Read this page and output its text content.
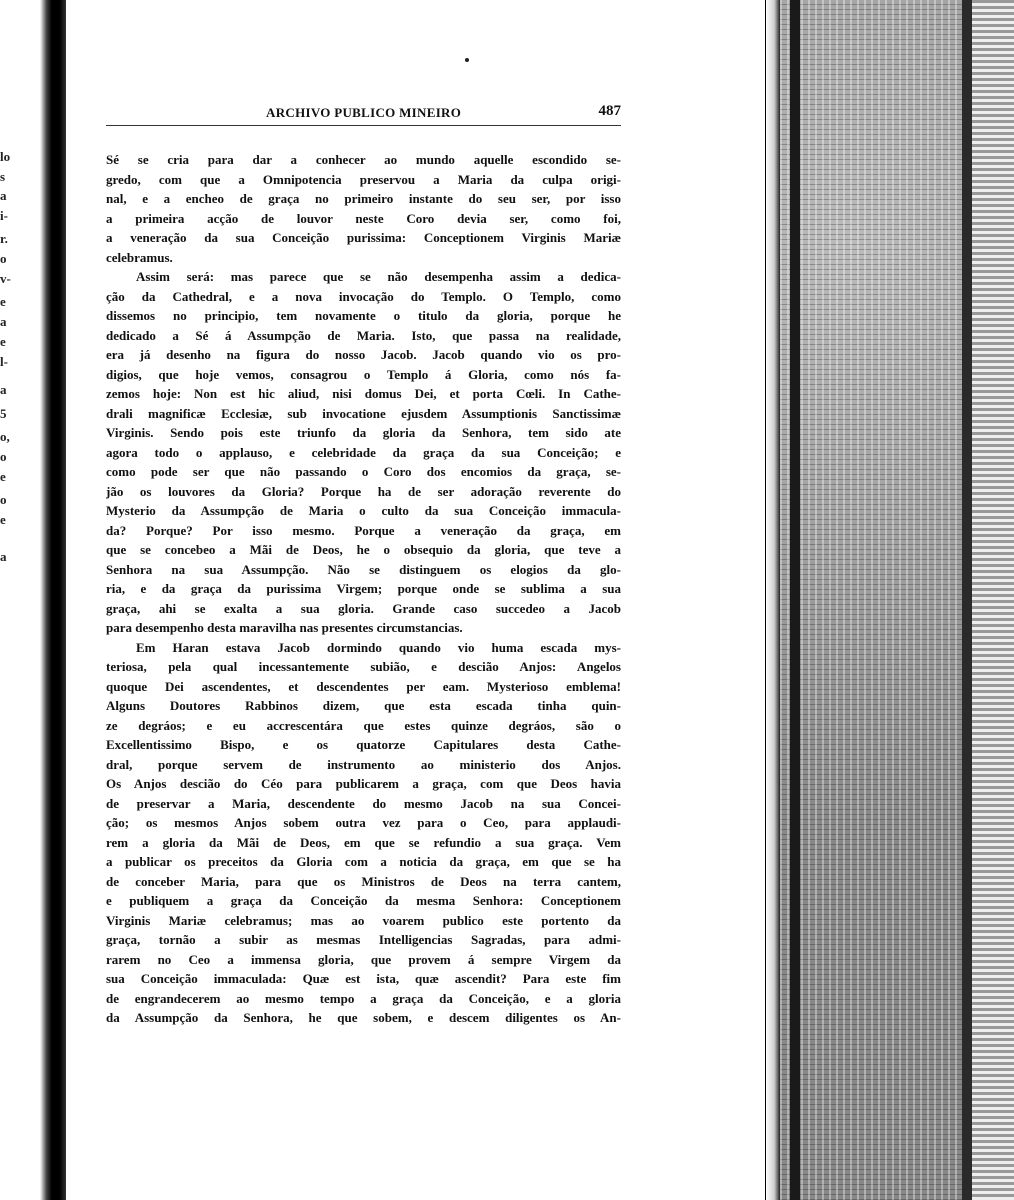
lo
s
a
i-
r.
o
v-
e
a
e
l-
a
5
o,
o
e
o
e
a
ARCHIVO PUBLICO MINEIRO	487
Sé se cria para dar a conhecer ao mundo aquelle escondido se-
gredo, com que a Omnipotencia preservou a Maria da culpa origi-
nal, e a encheo de graça no primeiro instante do seu ser, por isso
a primeira acção de louvor neste Coro devia ser, como foi,
a veneração da sua Conceição purissima: Conceptionem Virginis Mariæ
celebramus.
Assim será: mas parece que se não desempenha assim a dedica-
ção da Cathedral, e a nova invocação do Templo. O Templo, como
dissemos no principio, tem novamente o titulo da gloria, porque he
dedicado a Sé á Assumpção de Maria. Isto, que passa na realidade,
era já desenho na figura do nosso Jacob. Jacob quando vio os pro-
digios, que hoje vemos, consagrou o Templo á Gloria, como nós fa-
zemos hoje: Non est hic aliud, nisi domus Dei, et porta Cœli. In Cathe-
drali magnificæ Ecclesiæ, sub invocatione ejusdem Assumptionis Sanctissimæ
Virginis. Sendo pois este triunfo da gloria da Senhora, tem sido ate
agora todo o applauso, e celebridade da graça da sua Conceição; e
como pode ser que não passando o Coro dos encomios da graça, se-
jão os louvores da Gloria? Porque ha de ser adoração reverente do
Mysterio da Assumpção de Maria o culto da sua Conceição immacula-
da? Porque? Por isso mesmo. Porque a veneração da graça, em
que se concebeo a Mãi de Deos, he o obsequio da gloria, que teve a
Senhora na sua Assumpção. Não se distinguem os elogios da glo-
ria, e da graça da purissima Virgem; porque onde se sublima a sua
graça, ahi se exalta a sua gloria. Grande caso succedeo a Jacob
para desempenho desta maravilha nas presentes circumstancias.
Em Haran estava Jacob dormindo quando vio huma escada mys-
teriosa, pela qual incessantemente subião, e descião Anjos: Angelos
quoque Dei ascendentes, et descendentes per eam. Mysterioso emblema!
Alguns Doutores Rabbinos dizem, que esta escada tinha quin-
ze degráos; e eu accrescentára que estes quinze degráos, são o
Excellentissimo Bispo, e os quatorze Capitulares desta Cathe-
dral, porque servem de instrumento ao ministerio dos Anjos.
Os Anjos descião do Céo para publicarem a graça, com que Deos havia
de preservar a Maria, descendente do mesmo Jacob na sua Concei-
ção; os mesmos Anjos sobem outra vez para o Ceo, para applaudi-
rem a gloria da Mãi de Deos, em que se refundio a sua graça. Vem
a publicar os preceitos da Gloria com a noticia da graça, em que se ha
de conceber Maria, para que os Ministros de Deos na terra cantem,
e publiquem a graça da Conceição da mesma Senhora: Conceptionem
Virginis Mariæ celebramus; mas ao voarem publico este portento da
graça, tornão a subir as mesmas Intelligencias Sagradas, para admi-
rarem no Ceo a immensa gloria, que provem á sempre Virgem da
sua Conceição immaculada: Quæ est ista, quæ ascendit? Para este fim
de engrandecerem ao mesmo tempo a graça da Conceição, e a gloria
da Assumpção da Senhora, he que sobem, e descem diligentes os An-
